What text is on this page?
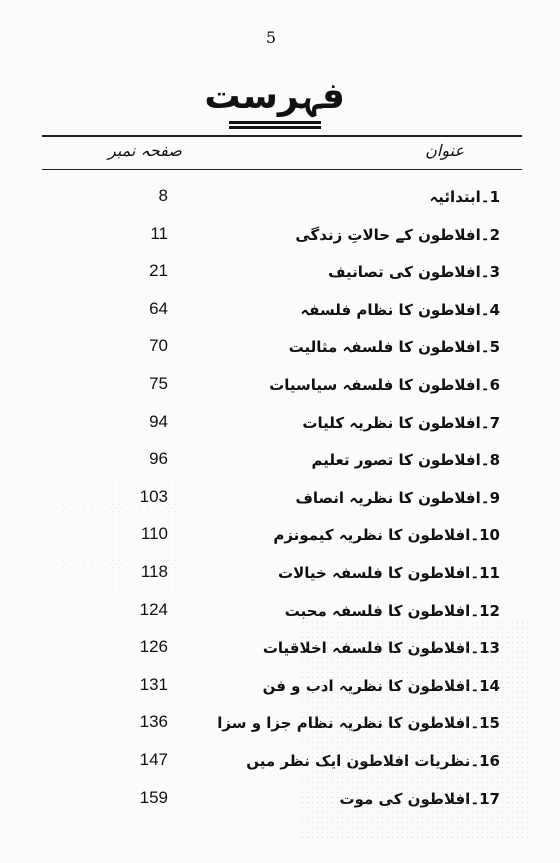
5
فہرست
صفحہ نمبر	عنوان
8	1۔ابتدائیہ
11	2۔افلاطون کے حالاتِ زندگی
21	3۔افلاطون کی تصانیف
64	4۔افلاطون کا نظام فلسفہ
70	5۔افلاطون کا فلسفہ مثالیت
75	6۔افلاطون کا فلسفہ سیاسیات
94	7۔افلاطون کا نظریہ کلیات
96	8۔افلاطون کا تصور تعلیم
103	9۔افلاطون کا نظریہ انصاف
110	10۔افلاطون کا نظریہ کیمونزم
118	11۔افلاطون کا فلسفہ خیالات
124	12۔افلاطون کا فلسفہ محبت
126	13۔افلاطون کا فلسفہ اخلاقیات
131	14۔افلاطون کا نظریہ ادب و فن
136	15۔افلاطون کا نظریہ نظام جزا و سزا
147	16۔نظریات افلاطون ایک نظر میں
159	17۔افلاطون کی موت
